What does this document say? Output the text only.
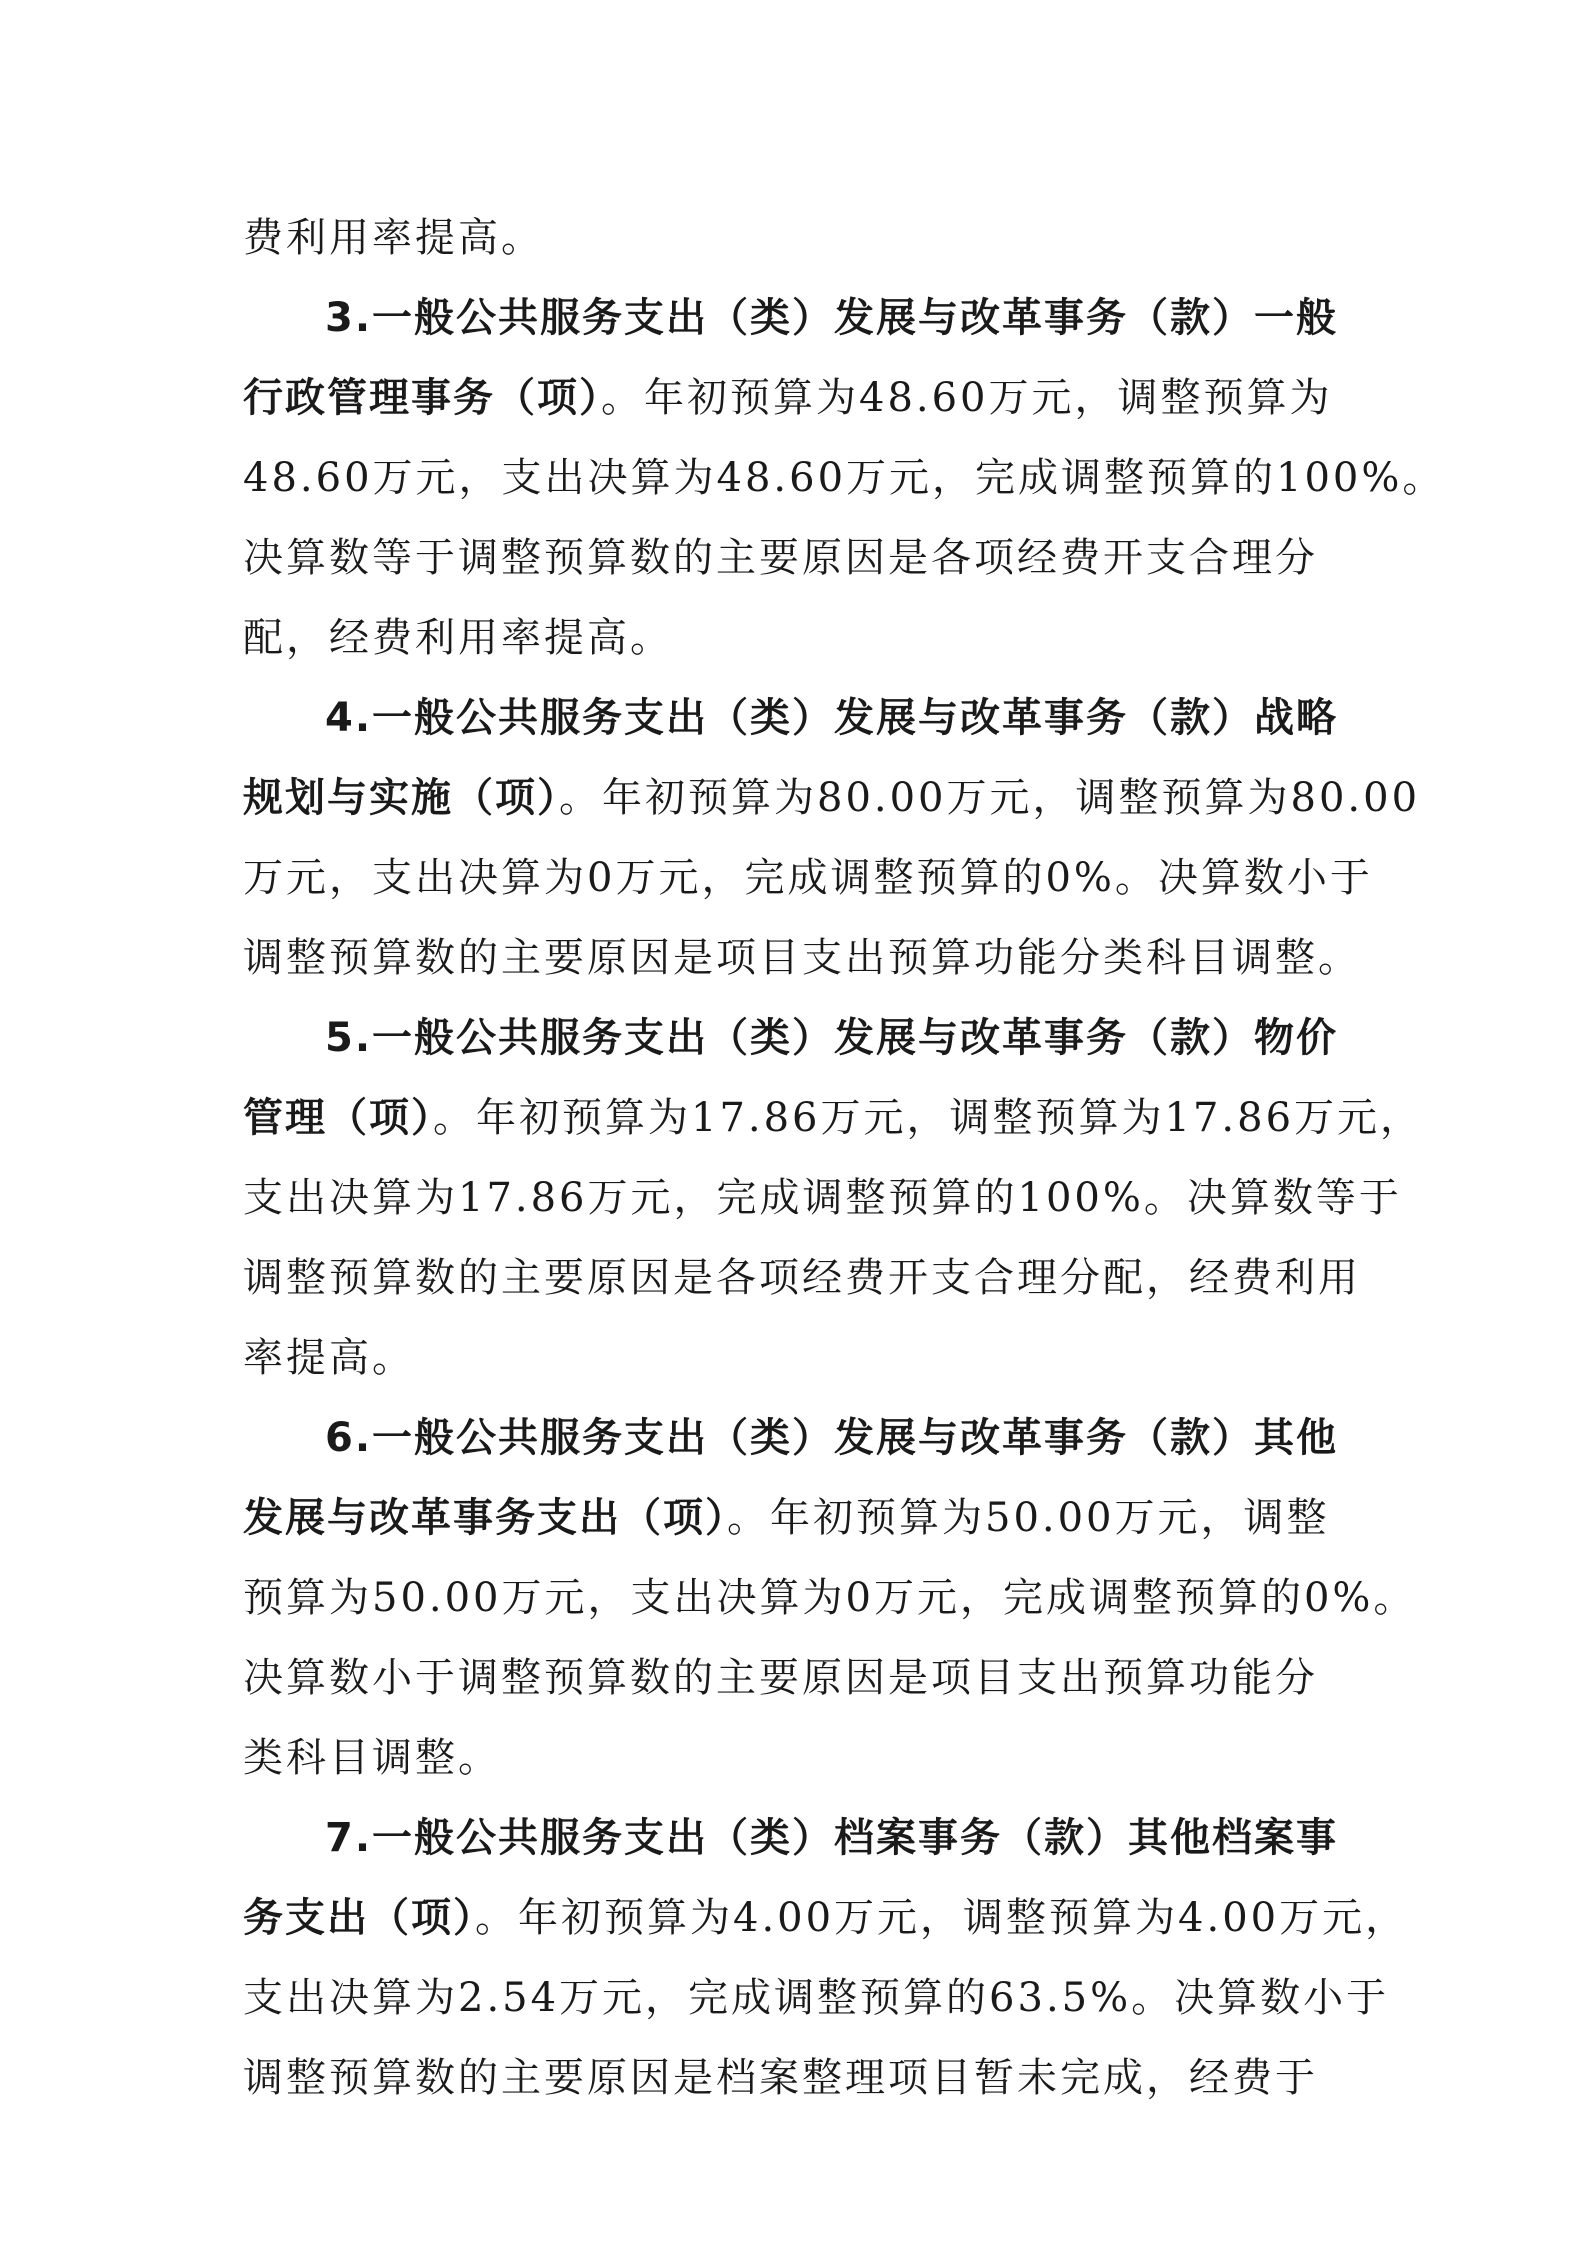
费利用率提高。
3.一般公共服务支出（类）发展与改革事务（款）一般
行政管理事务（项）。年初预算为48.60万元，调整预算为
48.60万元，支出决算为48.60万元，完成调整预算的100%。
决算数等于调整预算数的主要原因是各项经费开支合理分
配，经费利用率提高。
4.一般公共服务支出（类）发展与改革事务（款）战略
规划与实施（项）。年初预算为80.00万元，调整预算为80.00
万元，支出决算为0万元，完成调整预算的0%。决算数小于
调整预算数的主要原因是项目支出预算功能分类科目调整。
5.一般公共服务支出（类）发展与改革事务（款）物价
管理（项）。年初预算为17.86万元，调整预算为17.86万元，
支出决算为17.86万元，完成调整预算的100%。决算数等于
调整预算数的主要原因是各项经费开支合理分配，经费利用
率提高。
6.一般公共服务支出（类）发展与改革事务（款）其他
发展与改革事务支出（项）。年初预算为50.00万元，调整
预算为50.00万元，支出决算为0万元，完成调整预算的0%。
决算数小于调整预算数的主要原因是项目支出预算功能分
类科目调整。
7.一般公共服务支出（类）档案事务（款）其他档案事
务支出（项）。年初预算为4.00万元，调整预算为4.00万元，
支出决算为2.54万元，完成调整预算的63.5%。决算数小于
调整预算数的主要原因是档案整理项目暂未完成，经费于
